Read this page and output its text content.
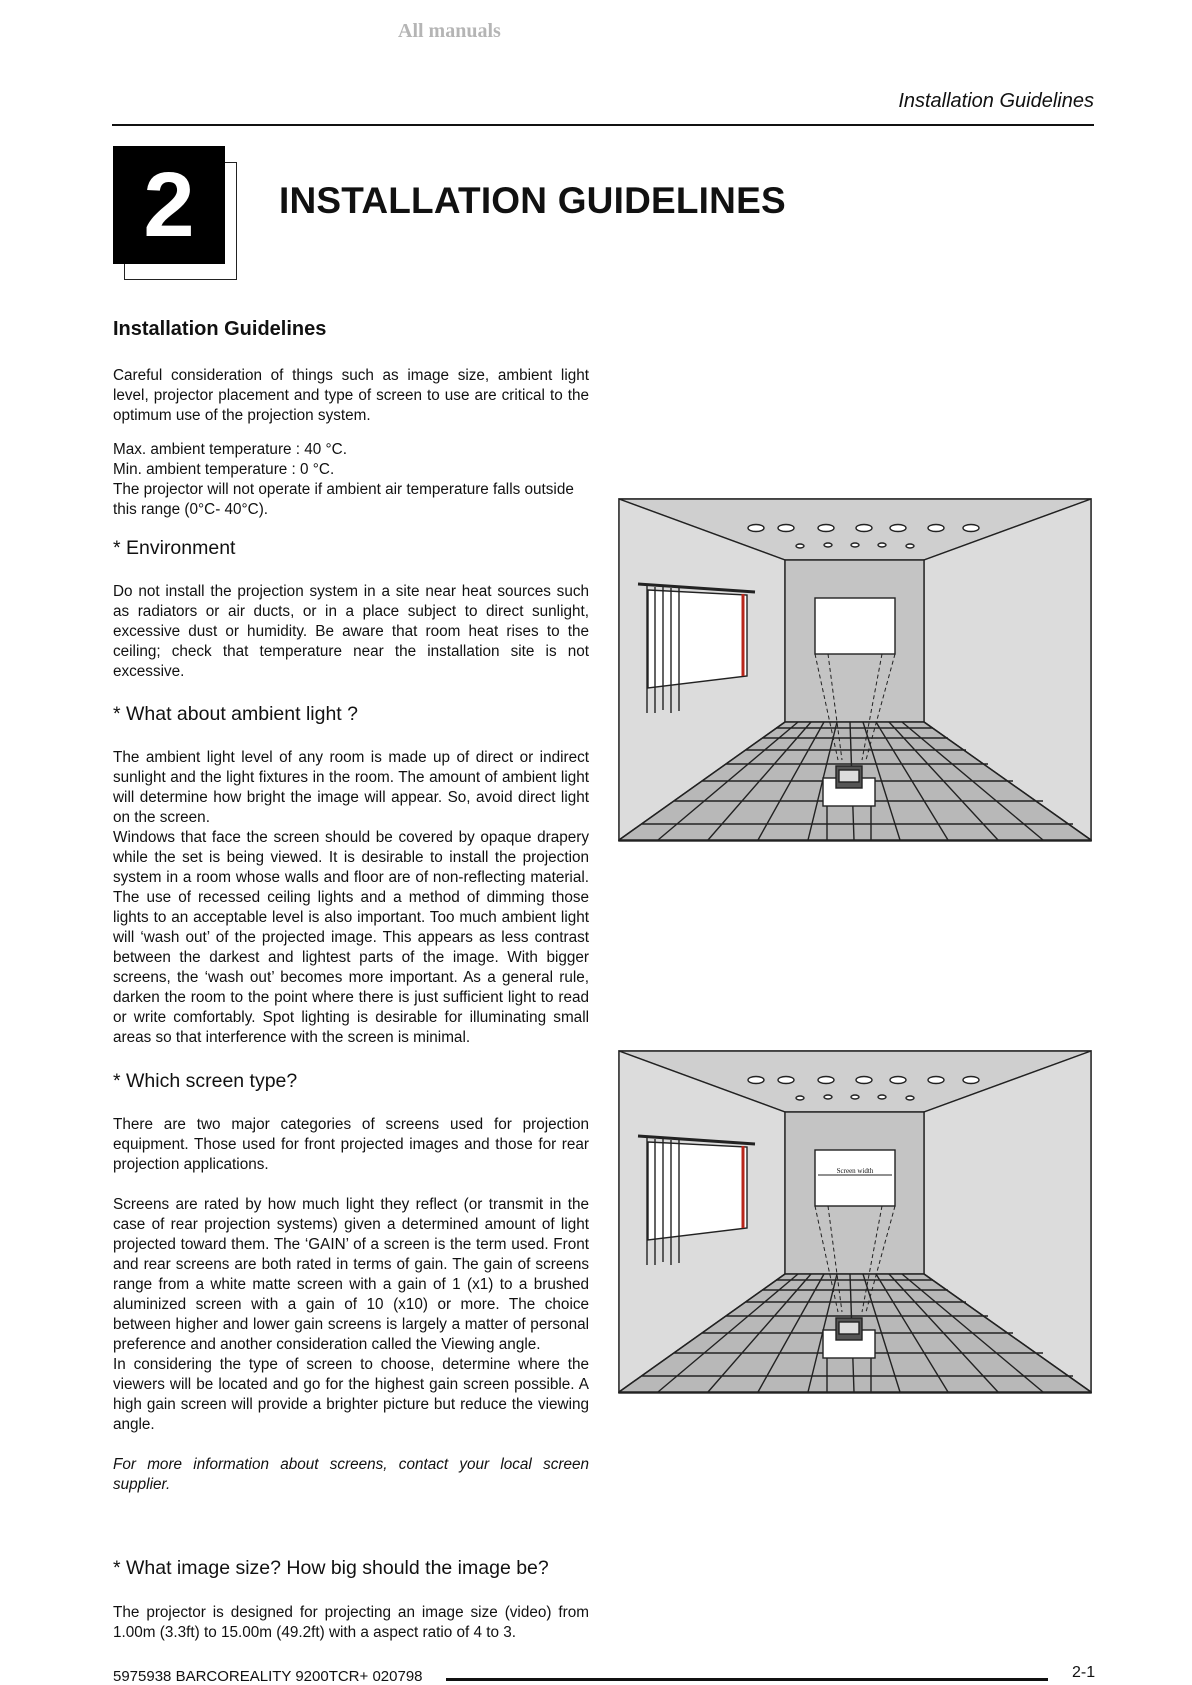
All manuals
Installation Guidelines
2	INSTALLATION GUIDELINES
Installation Guidelines

Careful consideration of things such as image size, ambient light level, projector placement and type of screen to use are critical to the optimum use of the projection system.

Max. ambient temperature : 40 °C.

Min. ambient temperature : 0 °C.

The projector will not operate if ambient air temperature falls outside this range (0°C- 40°C).

* Environment

Do not install the projection system in a site near heat sources such as radiators or air ducts, or in a place subject to direct sunlight, excessive dust or humidity. Be aware that room heat rises to the ceiling; check that temperature near the installation site is not excessive.

* What about ambient light ?

The ambient light level of any room is made up of direct or indirect sunlight and the light fixtures in the room. The amount of ambient light will determine how bright the image will appear. So, avoid direct light on the screen.

Windows that face the screen should be covered by opaque drapery while the set is being viewed. It is desirable to install the projection system in a room whose walls and floor are of non-reflecting material. The use of recessed ceiling lights and a method of dimming those lights to an acceptable level is also important. Too much ambient light will ‘wash out’ of the projected image. This appears as less contrast between the darkest and lightest parts of the image. With bigger screens, the ‘wash out’ becomes more important. As a general rule, darken the room to the point where there is just sufficient light to read or write comfortably. Spot lighting is desirable for illuminating small areas so that interference with the screen is minimal.

* Which screen type?

There are two major categories of screens used for projection equipment. Those used for front projected images and those for rear projection applications.

Screens are rated by how much light they reflect (or transmit in the case of rear projection systems) given a determined amount of light projected toward them. The ‘GAIN’ of a screen is the term used. Front and rear screens are both rated in terms of gain. The gain of screens range from a white matte screen with a gain of 1 (x1) to a brushed aluminized screen with a gain of 10 (x10) or more. The choice between higher and lower gain screens is largely a matter of personal preference and another consideration called the Viewing angle.

In considering the type of screen to choose, determine where the viewers will be located and go for the highest gain screen possible. A high gain screen will provide a brighter picture but reduce the viewing angle.

For more information about screens, contact your local screen supplier.

* What image size? How big should the image be?

The projector is designed for projecting an image size (video) from 1.00m (3.3ft) to 15.00m (49.2ft) with a aspect ratio of 4 to 3.

Screen width
5975938 BARCOREALITY 9200TCR+ 020798	2-1
